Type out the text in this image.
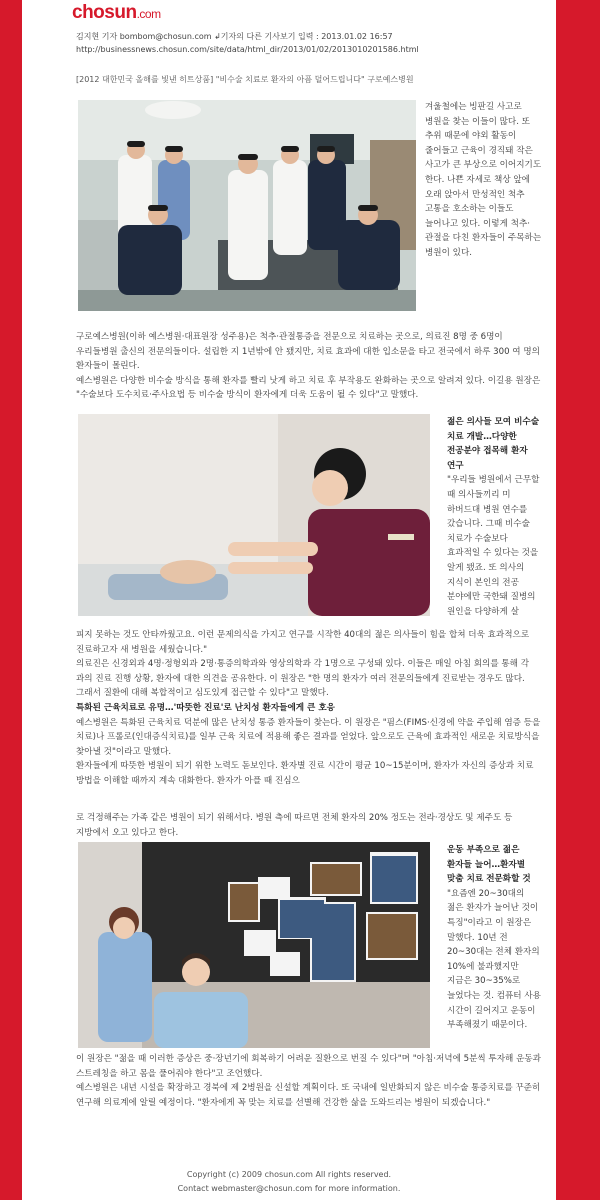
chosun.com
김지현 기자 bombom@chosun.com ↲기자의 다른 기사보기 입력 : 2013.01.02 16:57
http://businessnews.chosun.com/site/data/html_dir/2013/01/02/2013010201586.html
[2012 대한민국 올해를 빛낸 히트상품] "비수술 치료로 환자의 아픔 덜어드립니다" 구로예스병원
겨울철에는 빙판길 사고로 병원을 찾는 이들이 많다. 또 추위 때문에 야외 활동이 줄어들고 근육이 경직돼 작은 사고가 큰 부상으로 이어지기도 한다. 나쁜 자세로 책상 앞에 오래 앉아서 만성적인 척추 고통을 호소하는 이들도 늘어나고 있다. 이렇게 척추·관절을 다친 환자들이 주목하는 병원이 있다.

구로예스병원(이하 예스병원·대표원장 성주용)은 척추·관절통증을 전문으로 치료하는 곳으로, 의료진 8명 중 6명이 우리들병원 출신의 전문의들이다. 설립한 지 1년밖에 안 됐지만, 치료 효과에 대한 입소문을 타고 전국에서 하루 300 여 명의 환자들이 몰린다.

예스병원은 다양한 비수술 방식을 통해 환자를 빨리 낫게 하고 치료 후 부작용도 완화하는 곳으로 알려져 있다. 이길용 원장은 "수술보다 도수치료·주사요법 등 비수술 방식이 환자에게 더욱 도움이 될 수 있다"고 말했다.

젊은 의사들 모여 비수술 치료 개발…다양한 전공분야 접목해 환자 연구
"우리들 병원에서 근무할 때 의사들끼리 미 하버드대 병원 연수를 갔습니다. 그때 비수술 치료가 수술보다 효과적일 수 있다는 것을 알게 됐죠. 또 의사의 지식이 본인의 전공 분야에만 국한돼 질병의 원인을 다양하게 살

피지 못하는 것도 안타까웠고요. 이런 문제의식을 가지고 연구를 시작한 40대의 젊은 의사들이 힘을 합쳐 더욱 효과적으로 진료하고자 새 병원을 세웠습니다."

의료진은 신경외과 4명·정형외과 2명·통증의학과와 영상의학과 각 1명으로 구성돼 있다. 이들은 매일 아침 회의를 통해 각 과의 진료 진행 상황, 환자에 대한 의견을 공유한다. 이 원장은 "한 명의 환자가 여러 전문의들에게 진료받는 경우도 많다. 그래서 질환에 대해 복합적이고 심도있게 접근할 수 있다"고 말했다.

특화된 근육치료로 유명…'따뜻한 진료'로 난치성 환자들에게 큰 호응

예스병원은 특화된 근육치료 덕분에 많은 난치성 통증 환자들이 찾는다. 이 원장은 "핌스(FIMS·신경에 약을 주입해 염증 등을 치료)나 프롤로(인대증식치료)를 일부 근육 치료에 적용해 좋은 결과를 얻었다. 앞으로도 근육에 효과적인 새로운 치료방식을 찾아낼 것"이라고 말했다.

환자들에게 따뜻한 병원이 되기 위한 노력도 돋보인다. 환자별 진료 시간이 평균 10~15분이며, 환자가 자신의 증상과 치료 방법을 이해할 때까지 계속 대화한다. 환자가 아플 때 진심으

로 걱정해주는 가족 같은 병원이 되기 위해서다. 병원 측에 따르면 전체 환자의 20% 정도는 전라·경상도 및 제주도 등 지방에서 오고 있다고 한다.

운동 부족으로 젊은 환자들 늘어…환자별 맞춤 치료 전문화할 것
"요즘엔 20~30대의 젊은 환자가 늘어난 것이 특징"이라고 이 원장은 말했다. 10년 전 20~30대는 전체 환자의 10%에 불과했지만 지금은 30~35%로 늘었다는 것. 컴퓨터 사용 시간이 길어지고 운동이 부족해졌기 때문이다.

이 원장은 "젊을 때 이러한 증상은 중·장년기에 회복하기 어려운 질환으로 번질 수 있다"며 "아침·저녁에 5분씩 투자해 운동과 스트레칭을 하고 몸을 풀어줘야 한다"고 조언했다.

예스병원은 내년 시설을 확장하고 경북에 제 2병원을 신설할 계획이다. 또 국내에 일반화되지 않은 비수술 통증치료를 꾸준히 연구해 의료계에 알릴 예정이다. "환자에게 꼭 맞는 치료를 선별해 건강한 삶을 도와드리는 병원이 되겠습니다."

Copyright (c) 2009 chosun.com All rights reserved.
Contact webmaster@chosun.com for more information.
